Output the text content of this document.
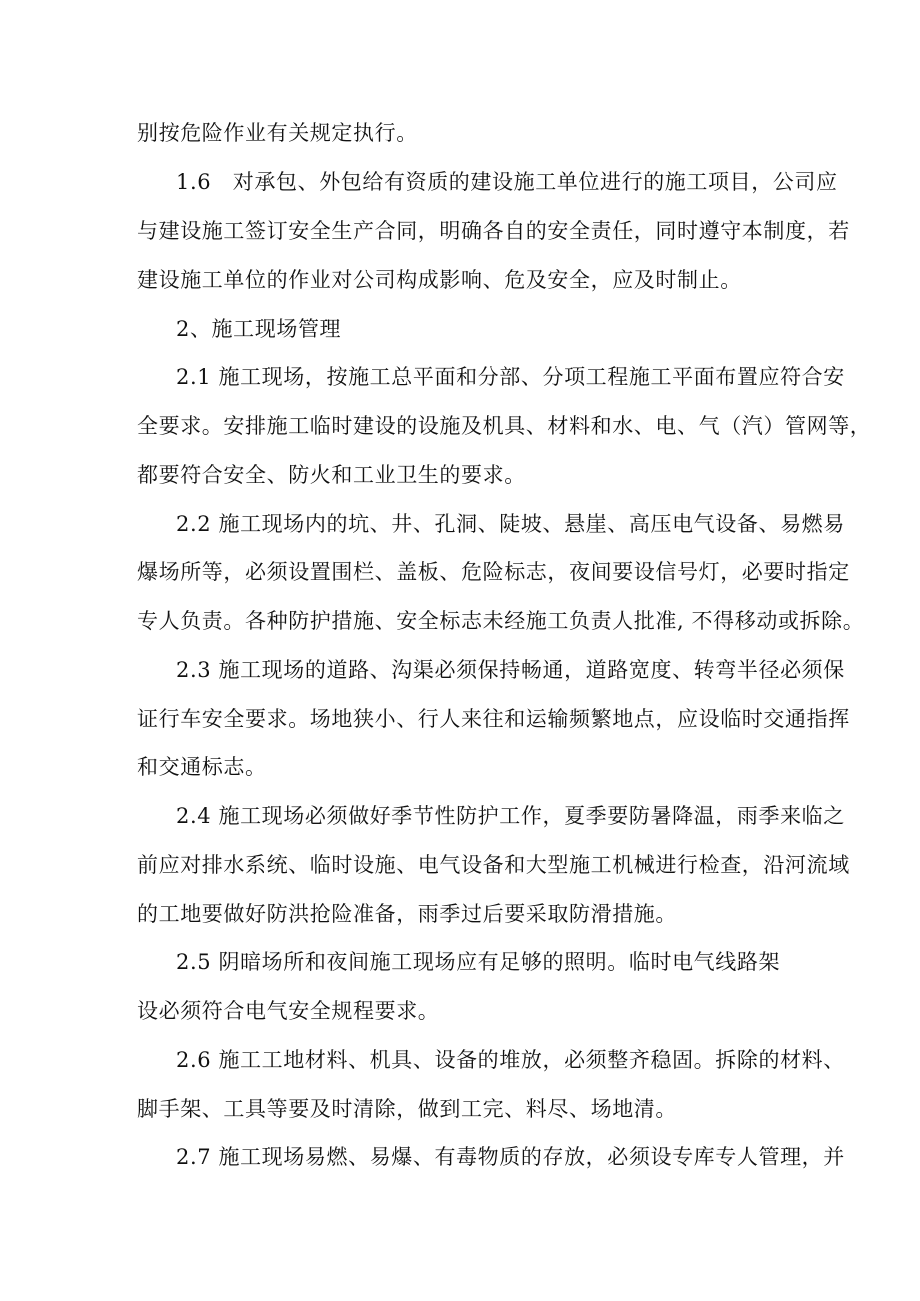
别按危险作业有关规定执行。
1.6　对承包、外包给有资质的建设施工单位进行的施工项目，公司应
与建设施工签订安全生产合同，明确各自的安全责任，同时遵守本制度，若
建设施工单位的作业对公司构成影响、危及安全，应及时制止。
2、施工现场管理
2.1 施工现场，按施工总平面和分部、分项工程施工平面布置应符合安
全要求。安排施工临时建设的设施及机具、材料和水、电、气（汽）管网等，
都要符合安全、防火和工业卫生的要求。
2.2 施工现场内的坑、井、孔洞、陡坡、悬崖、高压电气设备、易燃易
爆场所等，必须设置围栏、盖板、危险标志，夜间要设信号灯，必要时指定
专人负责。各种防护措施、安全标志未经施工负责人批准, 不得移动或拆除。
2.3 施工现场的道路、沟渠必须保持畅通，道路宽度、转弯半径必须保
证行车安全要求。场地狭小、行人来往和运输频繁地点，应设临时交通指挥
和交通标志。
2.4 施工现场必须做好季节性防护工作，夏季要防暑降温，雨季来临之
前应对排水系统、临时设施、电气设备和大型施工机械进行检查，沿河流域
的工地要做好防洪抢险准备，雨季过后要采取防滑措施。
2.5 阴暗场所和夜间施工现场应有足够的照明。临时电气线路架
设必须符合电气安全规程要求。
2.6 施工工地材料、机具、设备的堆放，必须整齐稳固。拆除的材料、
脚手架、工具等要及时清除，做到工完、料尽、场地清。
2.7 施工现场易燃、易爆、有毒物质的存放，必须设专库专人管理，并
